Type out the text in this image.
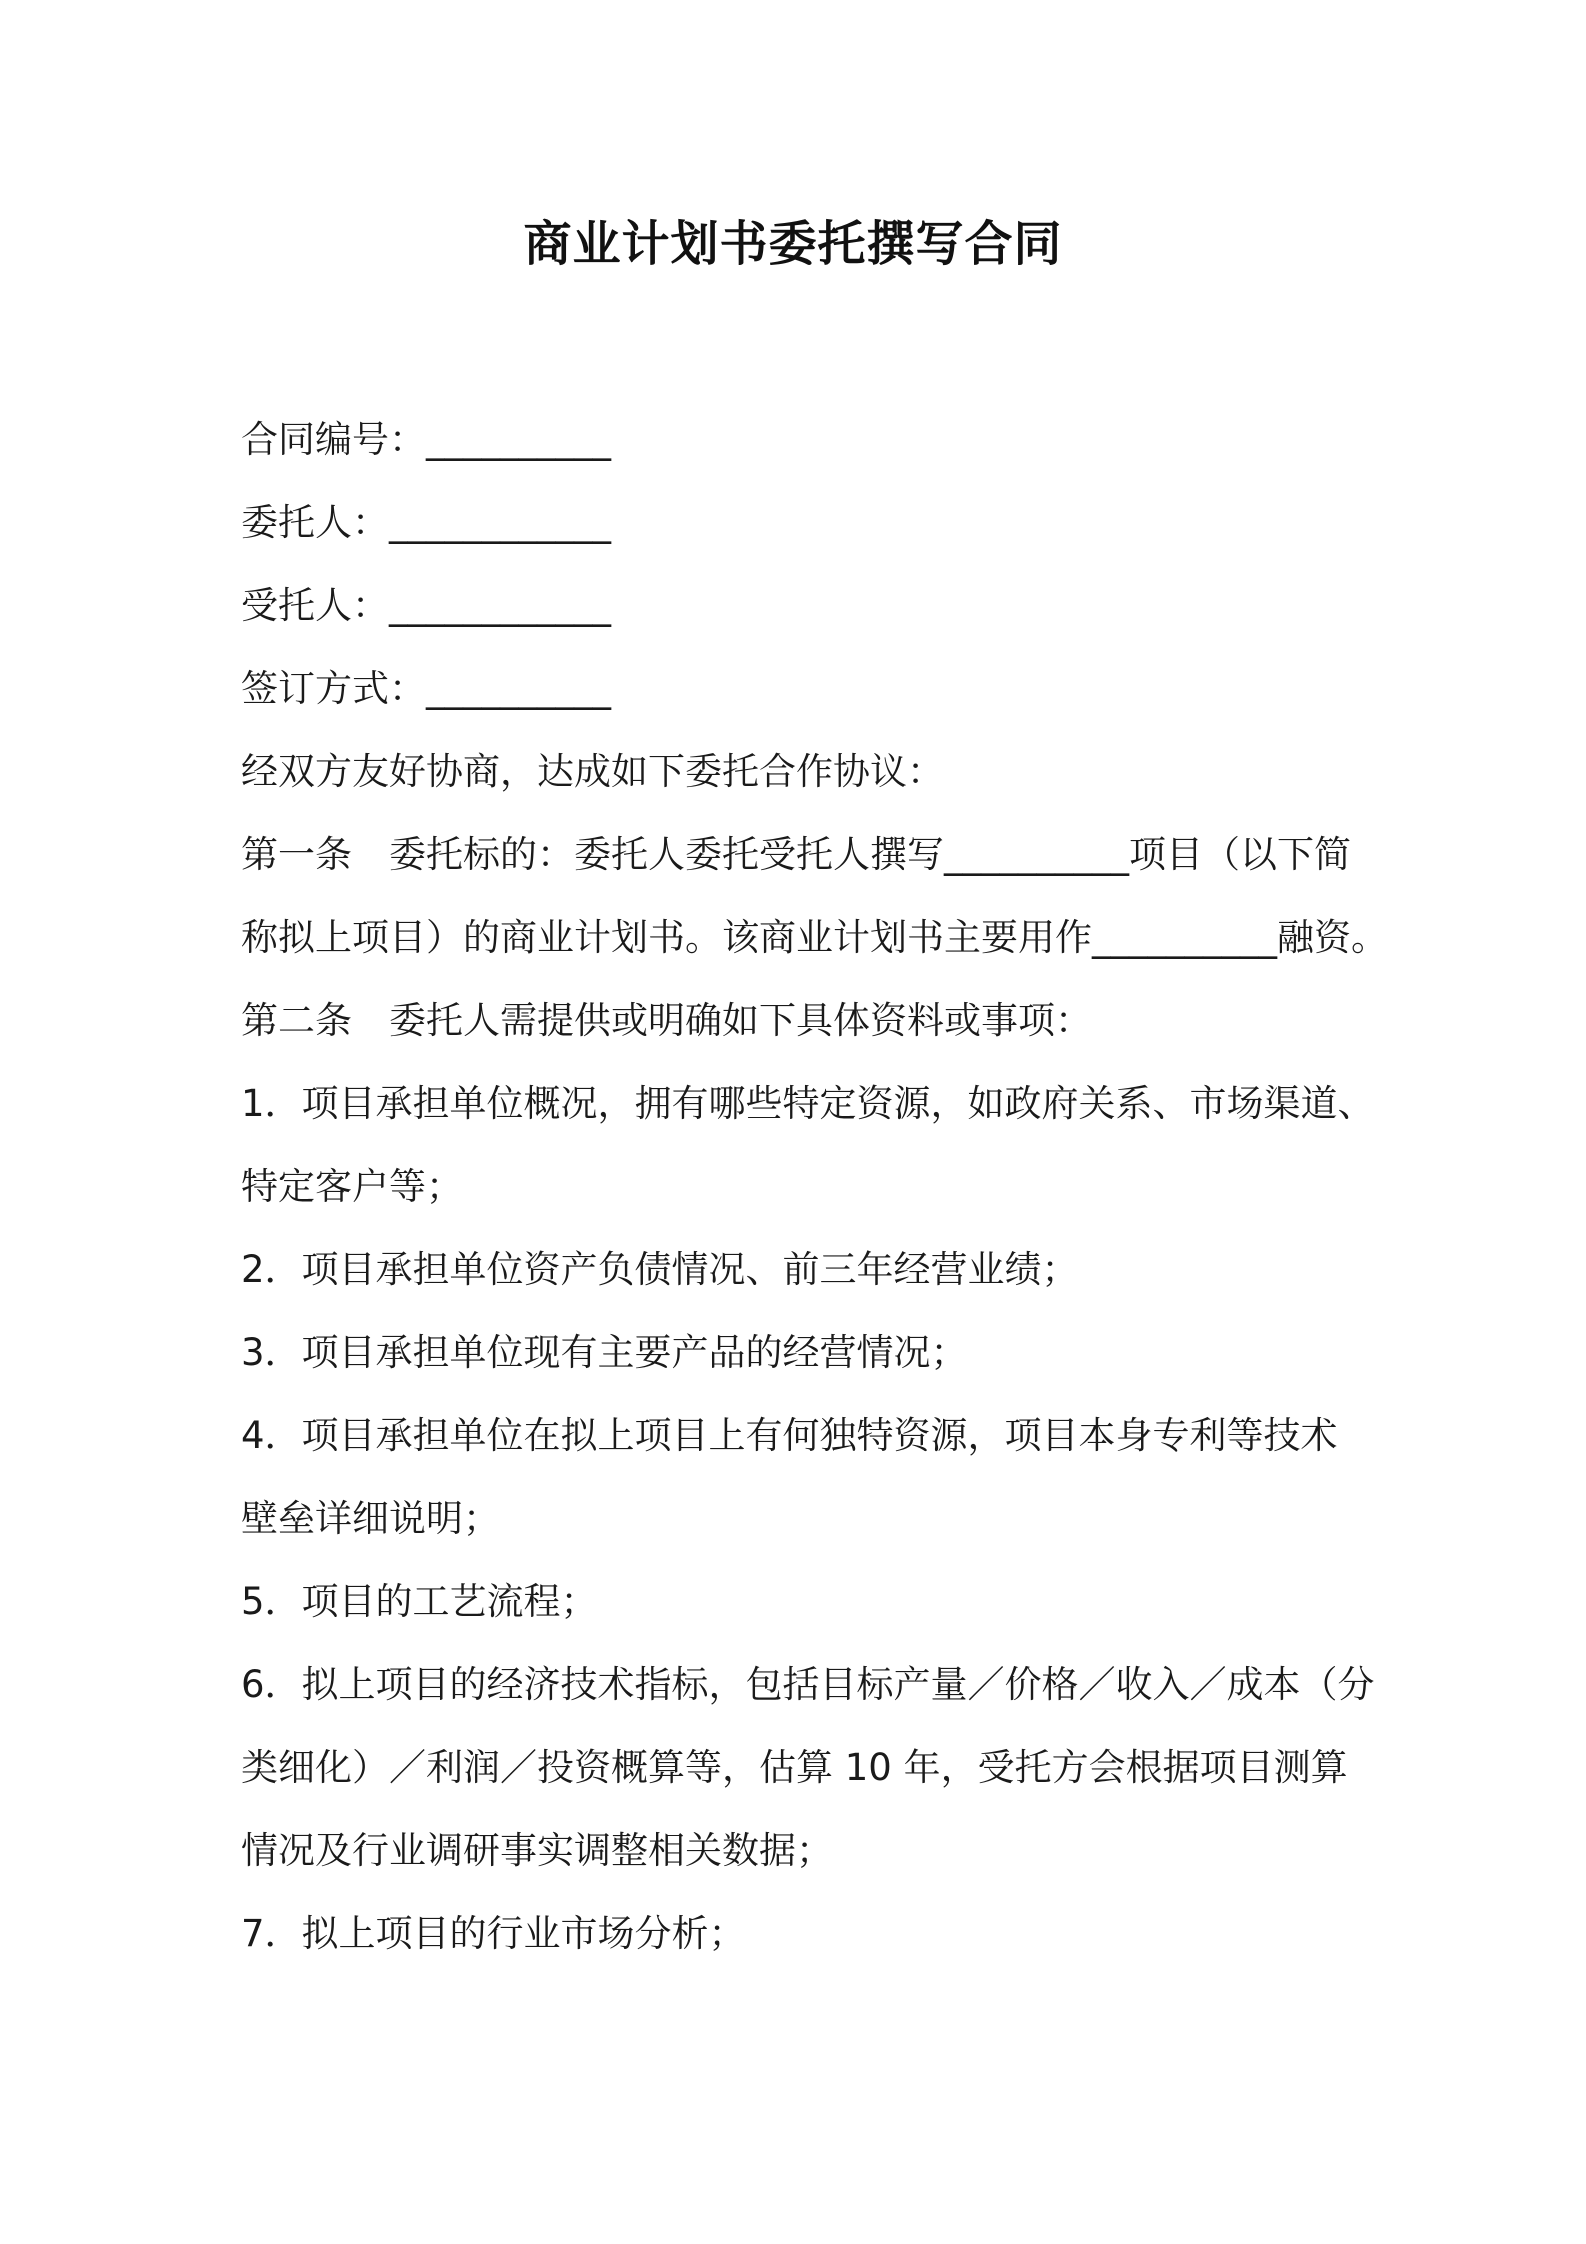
商业计划书委托撰写合同
合同编号：__________
委托人：____________
受托人：____________
签订方式：__________
经双方友好协商，达成如下委托合作协议：
第一条　委托标的：委托人委托受托人撰写__________项目（以下简
称拟上项目）的商业计划书。该商业计划书主要用作__________融资。
第二条　委托人需提供或明确如下具体资料或事项：
1．项目承担单位概况，拥有哪些特定资源，如政府关系、市场渠道、
特定客户等；
2．项目承担单位资产负债情况、前三年经营业绩；
3．项目承担单位现有主要产品的经营情况；
4．项目承担单位在拟上项目上有何独特资源，项目本身专利等技术
壁垒详细说明；
5．项目的工艺流程；
6．拟上项目的经济技术指标，包括目标产量／价格／收入／成本（分
类细化）／利润／投资概算等，估算 10 年，受托方会根据项目测算
情况及行业调研事实调整相关数据；
7．拟上项目的行业市场分析；
